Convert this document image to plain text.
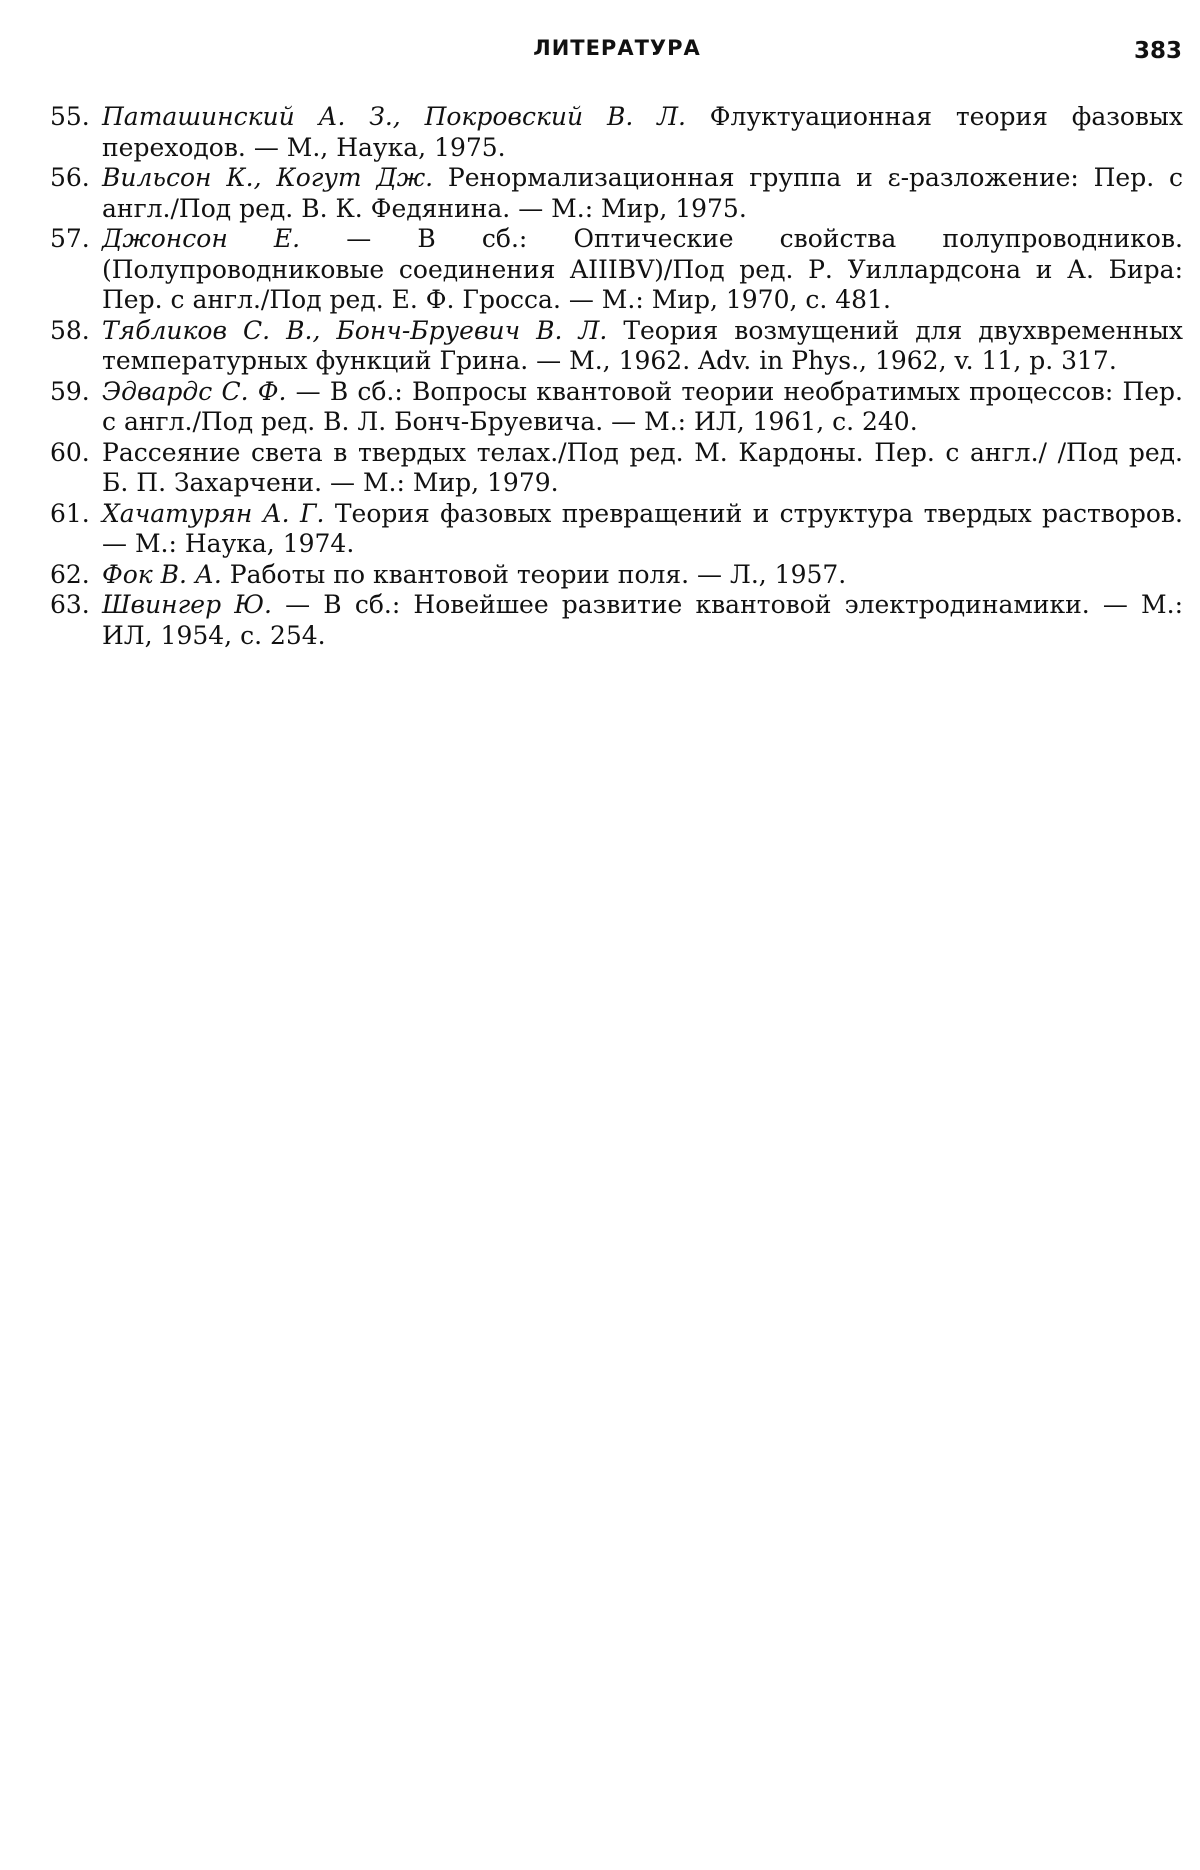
ЛИТЕРАТУРА	383
55. Паташинский А. З., Покровский В. Л. Флуктуационная теория фазовых переходов. — М., Наука, 1975.
56. Вильсон К., Когут Дж. Ренормализационная группа и ε-разложение: Пер. с англ./Под ред. В. К. Федянина. — М.: Мир, 1975.
57. Джонсон Е. — В сб.: Оптические свойства полупроводников. (Полупроводниковые соединения AIIIBV)/Под ред. Р. Уиллардсона и А. Бира: Пер. с англ./Под ред. Е. Ф. Гросса. — М.: Мир, 1970, с. 481.
58. Тябликов С. В., Бонч-Бруевич В. Л. Теория возмущений для двухвременных температурных функций Грина. — М., 1962. Adv. in Phys., 1962, v. 11, p. 317.
59. Эдвардс С. Ф. — В сб.: Вопросы квантовой теории необратимых процессов: Пер. с англ./Под ред. В. Л. Бонч-Бруевича. — М.: ИЛ, 1961, с. 240.
60. Рассеяние света в твердых телах./Под ред. М. Кардоны. Пер. с англ./ /Под ред. Б. П. Захарчени. — М.: Мир, 1979.
61. Хачатурян А. Г. Теория фазовых превращений и структура твердых растворов. — М.: Наука, 1974.
62. Фок В. А. Работы по квантовой теории поля. — Л., 1957.
63. Швингер Ю. — В сб.: Новейшее развитие квантовой электродинамики. — М.: ИЛ, 1954, с. 254.
